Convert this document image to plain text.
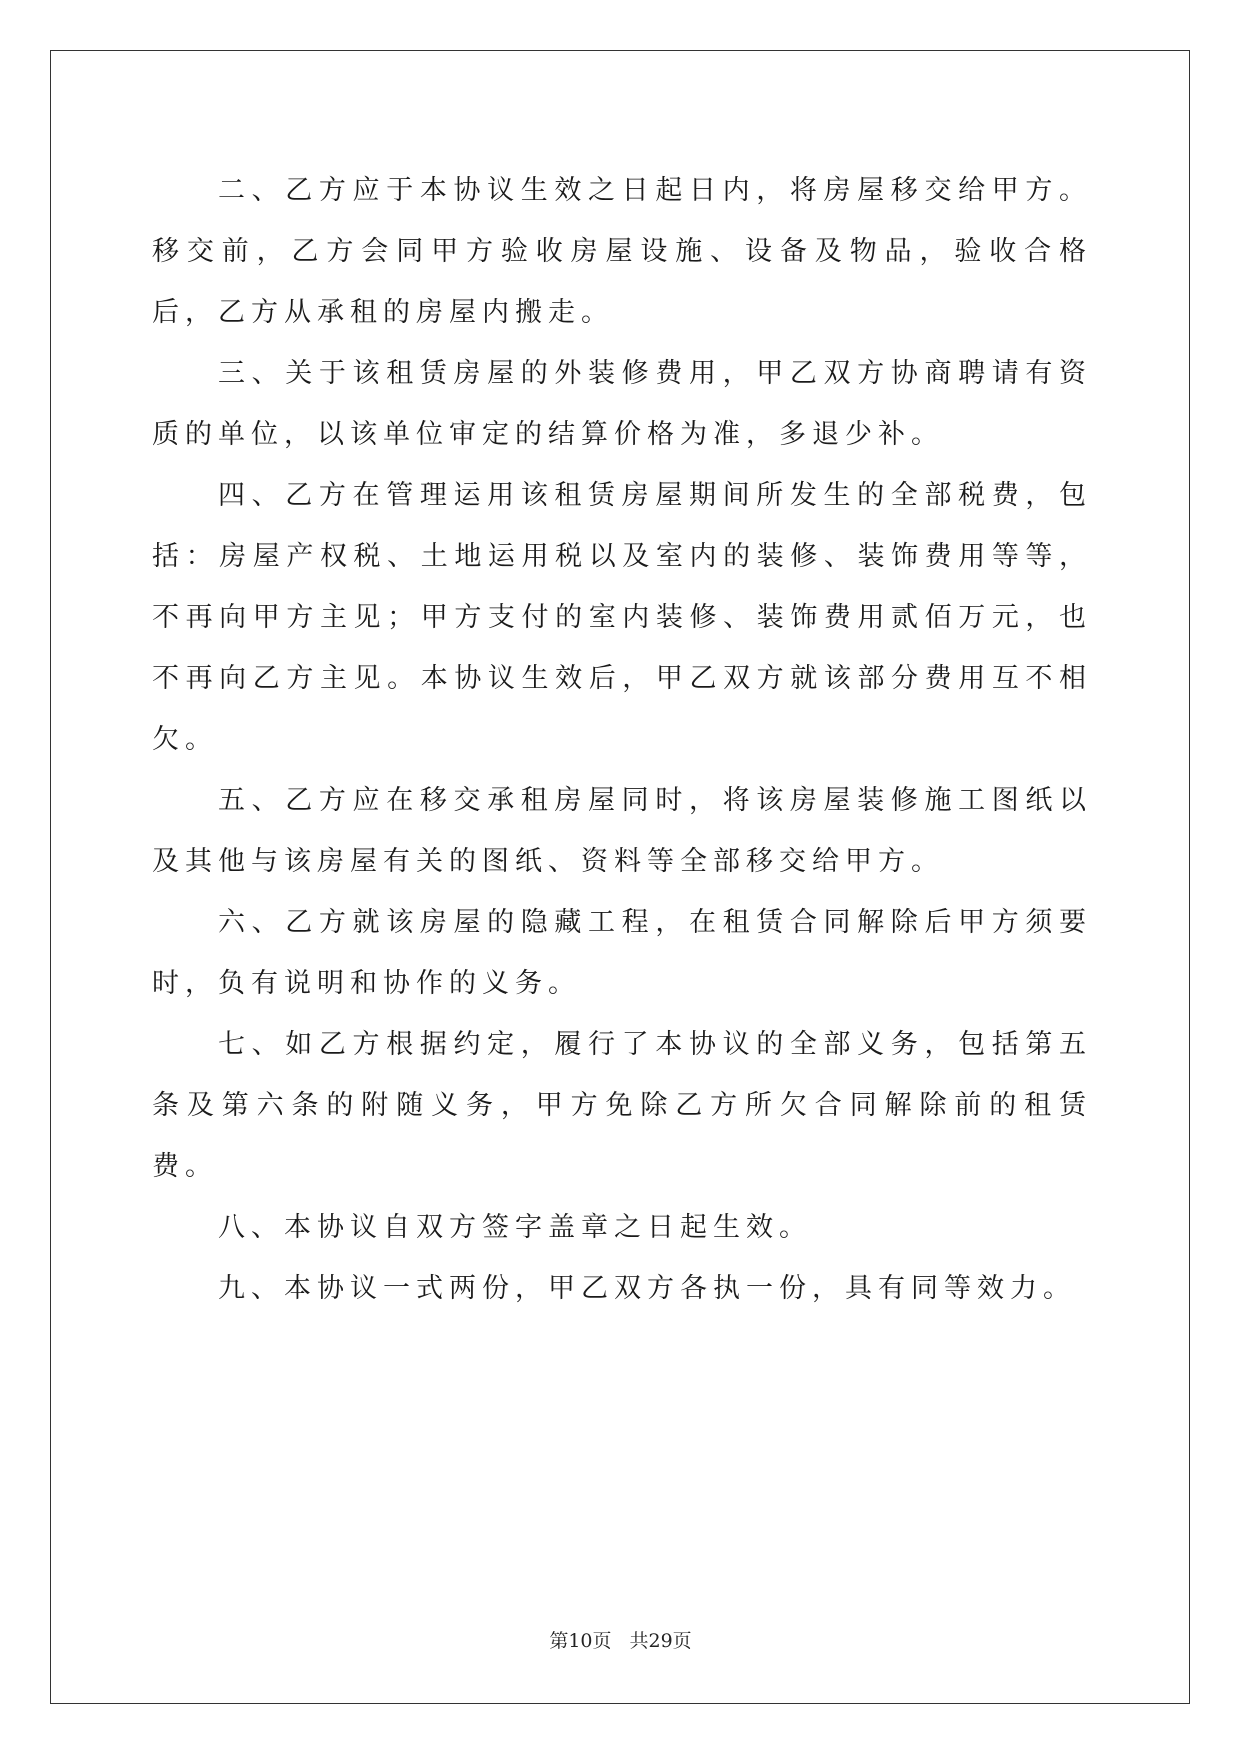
二、乙方应于本协议生效之日起日内，将房屋移交给甲方。移交前，乙方会同甲方验收房屋设施、设备及物品，验收合格后，乙方从承租的房屋内搬走。

三、关于该租赁房屋的外装修费用，甲乙双方协商聘请有资质的单位，以该单位审定的结算价格为准，多退少补。

四、乙方在管理运用该租赁房屋期间所发生的全部税费，包括：房屋产权税、土地运用税以及室内的装修、装饰费用等等，不再向甲方主见；甲方支付的室内装修、装饰费用贰佰万元，也不再向乙方主见。本协议生效后，甲乙双方就该部分费用互不相欠。

五、乙方应在移交承租房屋同时，将该房屋装修施工图纸以及其他与该房屋有关的图纸、资料等全部移交给甲方。

六、乙方就该房屋的隐藏工程，在租赁合同解除后甲方须要时，负有说明和协作的义务。

七、如乙方根据约定，履行了本协议的全部义务，包括第五条及第六条的附随义务，甲方免除乙方所欠合同解除前的租赁费。

八、本协议自双方签字盖章之日起生效。

九、本协议一式两份，甲乙双方各执一份，具有同等效力。

第10页 共29页
